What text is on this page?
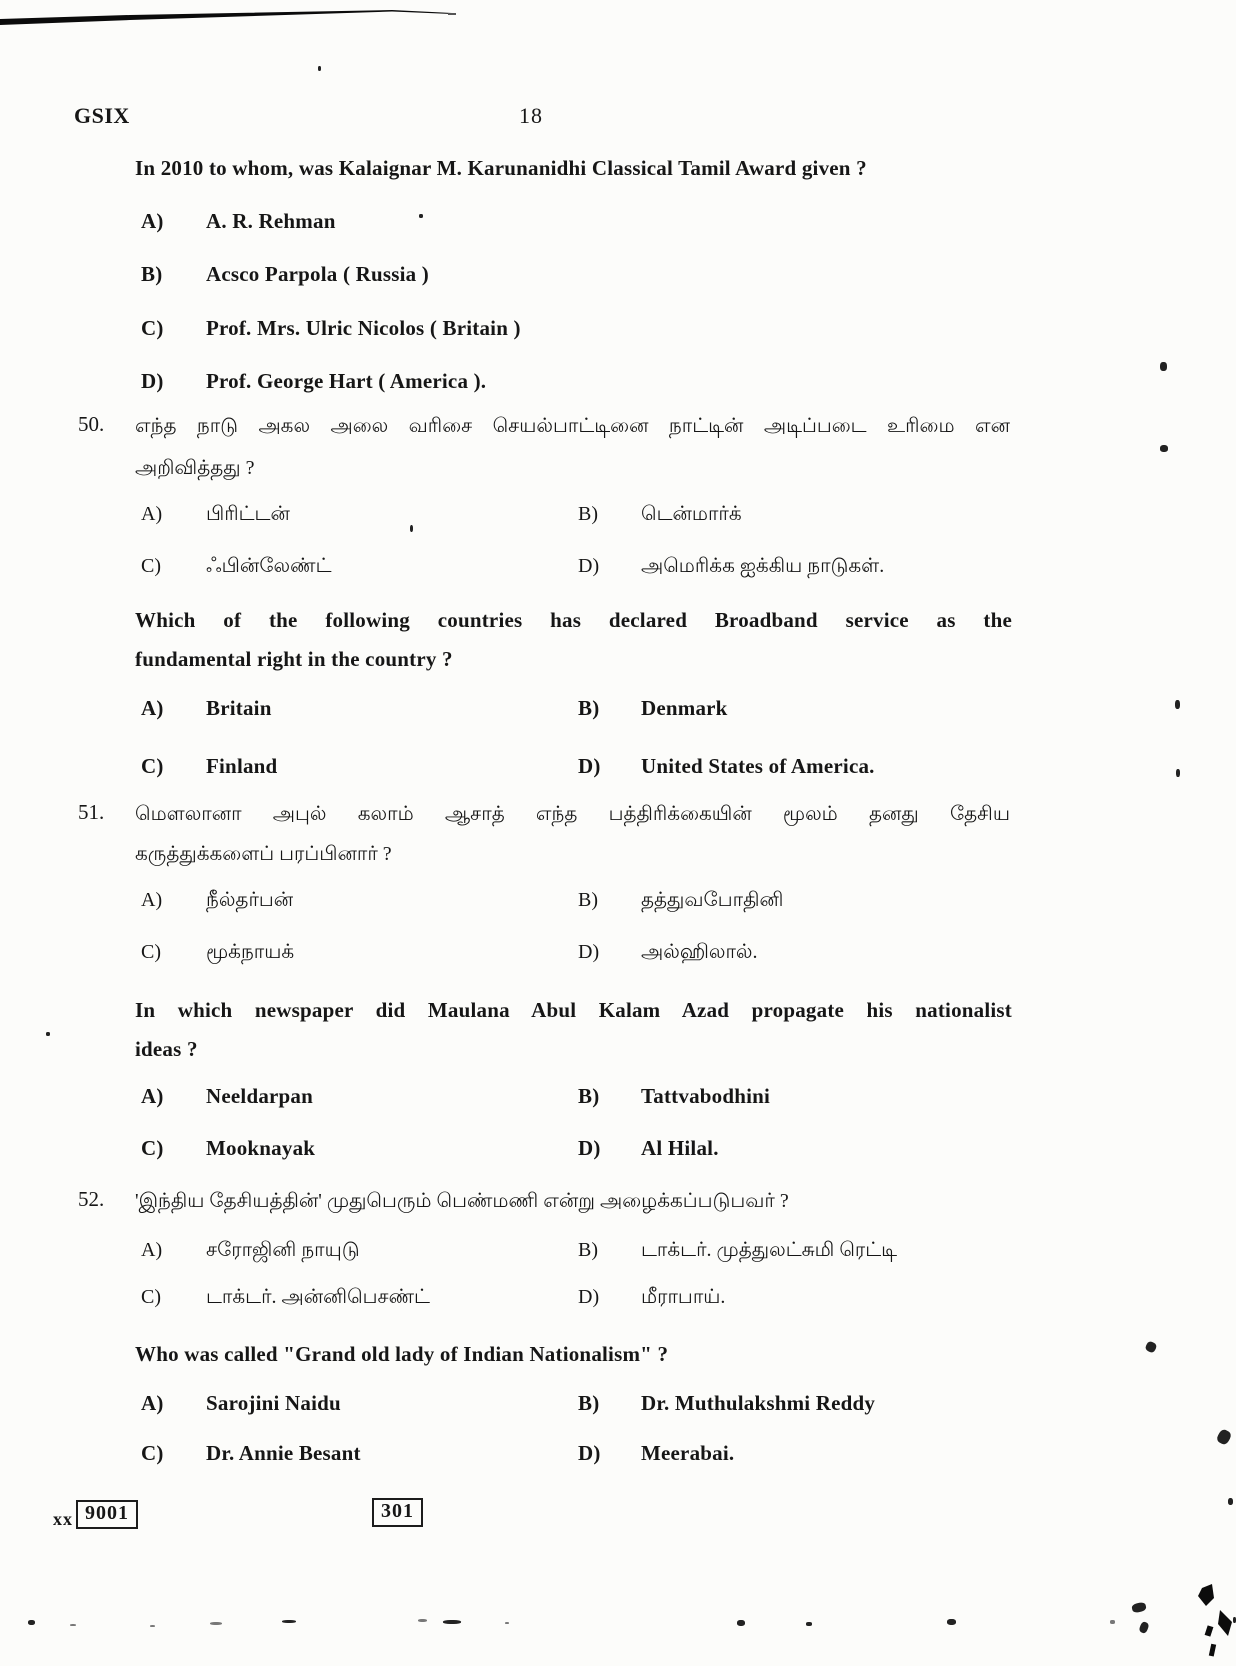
GSIX	18
In 2010 to whom, was Kalaignar M. Karunanidhi Classical Tamil Award given ?
A) A. R. Rehman
B) Acsco Parpola ( Russia )
C) Prof. Mrs. Ulric Nicolos ( Britain )
D) Prof. George Hart ( America ).
50. எந்த நாடு அகல அலை வரிசை செயல்பாட்டினை நாட்டின் அடிப்படை உரிமை என
அறிவித்தது ?
A) பிரிட்டன்	B) டென்மார்க்
C) ஃபின்லேண்ட்	D) அமெரிக்க ஐக்கிய நாடுகள்.
Which of the following countries has declared Broadband service as the
fundamental right in the country ?
A) Britain	B) Denmark
C) Finland	D) United States of America.
51. மௌலானா அபுல் கலாம் ஆசாத் எந்த பத்திரிக்கையின் மூலம் தனது தேசிய
கருத்துக்களைப் பரப்பினார் ?
A) நீல்தர்பன்	B) தத்துவபோதினி
C) மூக்நாயக்	D) அல்ஹிலால்.
In which newspaper did Maulana Abul Kalam Azad propagate his nationalist
ideas ?
A) Neeldarpan	B) Tattvabodhini
C) Mooknayak	D) Al Hilal.
52. 'இந்திய தேசியத்தின்' முதுபெரும் பெண்மணி என்று அழைக்கப்படுபவர் ?
A) சரோஜினி நாயுடு	B) டாக்டர். முத்துலட்சுமி ரெட்டி
C) டாக்டர். அன்னிபெசண்ட்	D) மீராபாய்.
Who was called "Grand old lady of Indian Nationalism" ?
A) Sarojini Naidu	B) Dr. Muthulakshmi Reddy
C) Dr. Annie Besant	D) Meerabai.
xx 9001	301
